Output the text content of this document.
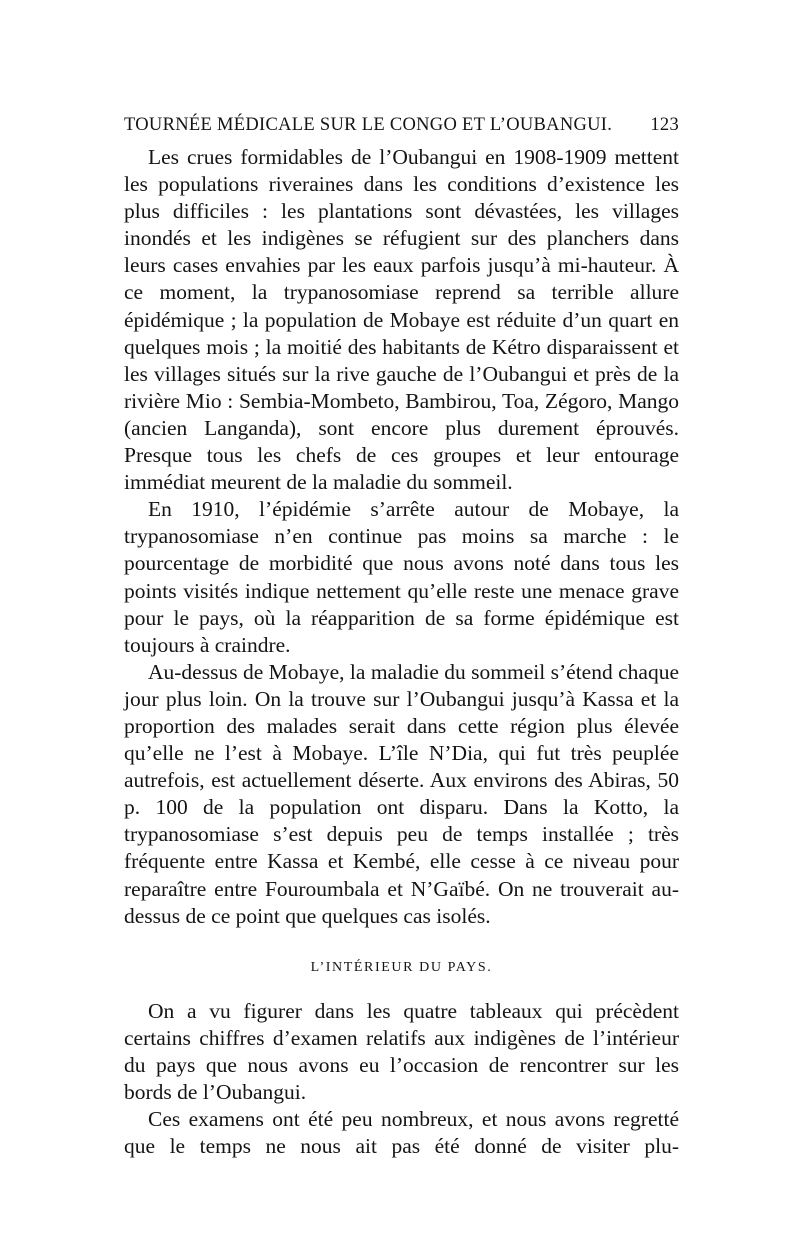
TOURNÉE MÉDICALE SUR LE CONGO ET L’OUBANGUI. 123

Les crues formidables de l’Oubangui en 1908-1909 mettent les populations riveraines dans les conditions d’existence les plus difficiles : les plantations sont dévastées, les villages inondés et les indigènes se réfugient sur des planchers dans leurs cases envahies par les eaux parfois jusqu’à mi-hauteur. À ce moment, la trypanosomiase reprend sa terrible allure épidémique ; la population de Mobaye est réduite d’un quart en quelques mois ; la moitié des habitants de Kétro disparaissent et les villages situés sur la rive gauche de l’Oubangui et près de la rivière Mio : Sembia-Mombeto, Bambirou, Toa, Zégoro, Mango (ancien Langanda), sont encore plus durement éprouvés. Presque tous les chefs de ces groupes et leur entourage immédiat meurent de la maladie du sommeil.

En 1910, l’épidémie s’arrête autour de Mobaye, la trypanosomiase n’en continue pas moins sa marche : le pourcentage de morbidité que nous avons noté dans tous les points visités indique nettement qu’elle reste une menace grave pour le pays, où la réapparition de sa forme épidémique est toujours à craindre.

Au-dessus de Mobaye, la maladie du sommeil s’étend chaque jour plus loin. On la trouve sur l’Oubangui jusqu’à Kassa et la proportion des malades serait dans cette région plus élevée qu’elle ne l’est à Mobaye. L’île N’Dia, qui fut très peuplée autrefois, est actuellement déserte. Aux environs des Abiras, 50 p. 100 de la population ont disparu. Dans la Kotto, la trypanosomiase s’est depuis peu de temps installée ; très fréquente entre Kassa et Kembé, elle cesse à ce niveau pour reparaître entre Fouroumbala et N’Gaïbé. On ne trouverait au-dessus de ce point que quelques cas isolés.

L’INTÉRIEUR DU PAYS.

On a vu figurer dans les quatre tableaux qui précèdent certains chiffres d’examen relatifs aux indigènes de l’intérieur du pays que nous avons eu l’occasion de rencontrer sur les bords de l’Oubangui.

Ces examens ont été peu nombreux, et nous avons regretté que le temps ne nous ait pas été donné de visiter plu-
